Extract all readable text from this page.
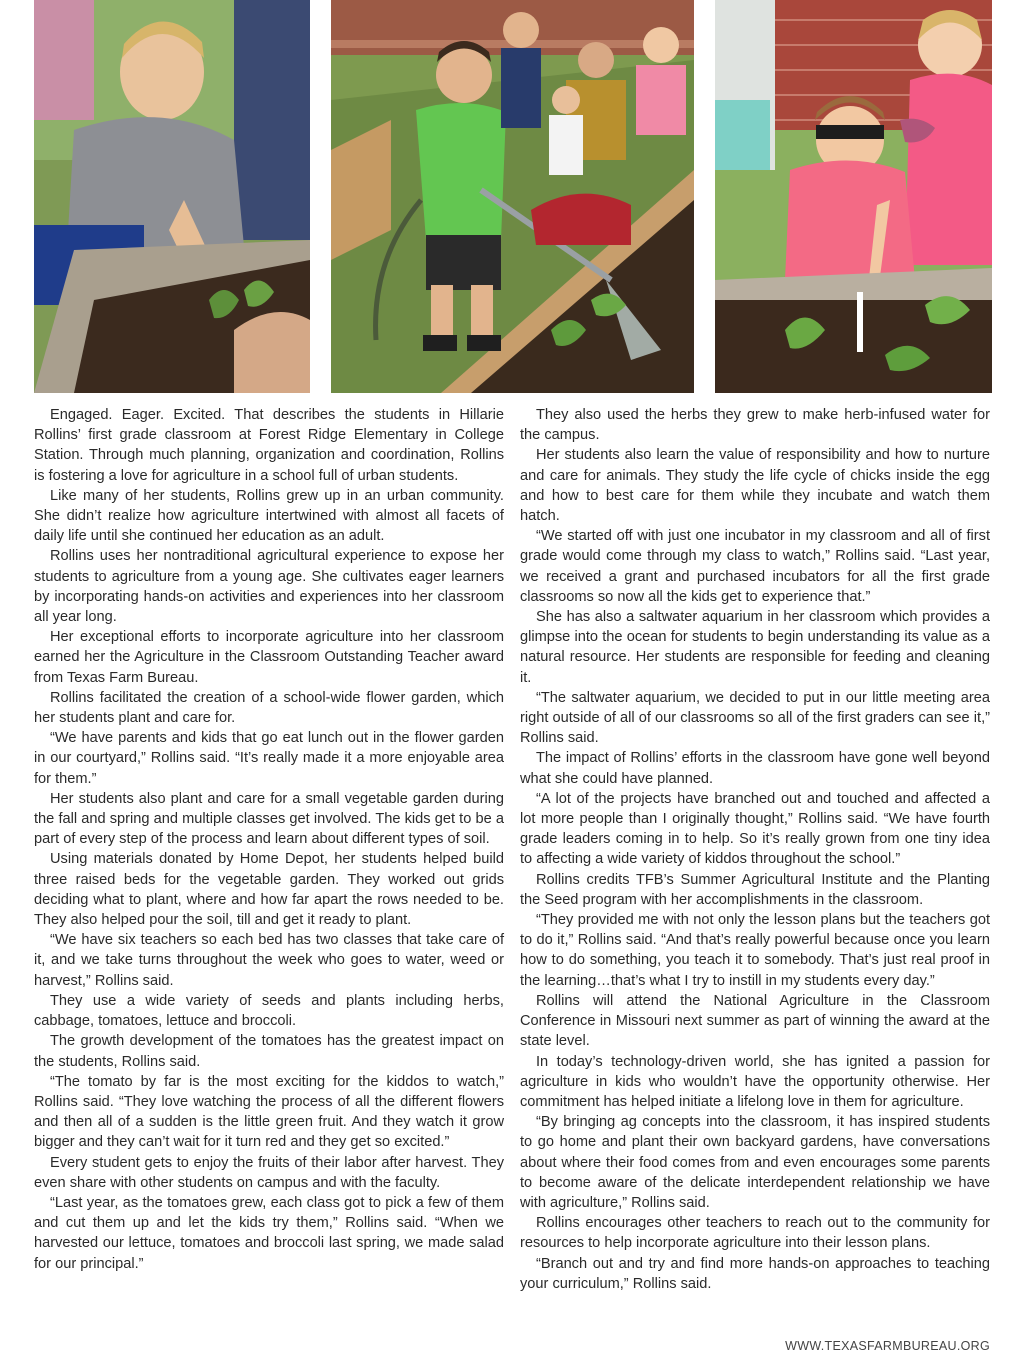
Engaged. Eager. Excited. That describes the students in Hillarie Rollins’ first grade classroom at Forest Ridge Elementary in College Station. Through much planning, organization and coordination, Rollins is fostering a love for agriculture in a school full of urban students.

Like many of her students, Rollins grew up in an urban community. She didn’t realize how agriculture intertwined with almost all facets of daily life until she continued her education as an adult.

Rollins uses her nontraditional agricultural experience to expose her students to agriculture from a young age. She cultivates eager learners by incorporating hands-on activities and experiences into her classroom all year long.

Her exceptional efforts to incorporate agriculture into her classroom earned her the Agriculture in the Classroom Outstanding Teacher award from Texas Farm Bureau.

Rollins facilitated the creation of a school-wide flower garden, which her students plant and care for.

“We have parents and kids that go eat lunch out in the flower garden in our courtyard,” Rollins said. “It’s really made it a more enjoyable area for them.”

Her students also plant and care for a small vegetable garden during the fall and spring and multiple classes get involved. The kids get to be a part of every step of the process and learn about different types of soil.

Using materials donated by Home Depot, her students helped build three raised beds for the vegetable garden. They worked out grids deciding what to plant, where and how far apart the rows needed to be. They also helped pour the soil, till and get it ready to plant.

“We have six teachers so each bed has two classes that take care of it, and we take turns throughout the week who goes to water, weed or harvest,” Rollins said.

They use a wide variety of seeds and plants including herbs, cabbage, tomatoes, lettuce and broccoli.

The growth development of the tomatoes has the greatest impact on the students, Rollins said.

“The tomato by far is the most exciting for the kiddos to watch,” Rollins said. “They love watching the process of all the different flowers and then all of a sudden is the little green fruit. And they watch it grow bigger and they can’t wait for it turn red and they get so excited.”

Every student gets to enjoy the fruits of their labor after harvest. They even share with other students on campus and with the faculty.

“Last year, as the tomatoes grew, each class got to pick a few of them and cut them up and let the kids try them,” Rollins said. “When we harvested our lettuce, tomatoes and broccoli last spring, we made salad for our principal.”

They also used the herbs they grew to make herb-infused water for the campus.

Her students also learn the value of responsibility and how to nurture and care for animals. They study the life cycle of chicks inside the egg and how to best care for them while they incubate and watch them hatch.

“We started off with just one incubator in my classroom and all of first grade would come through my class to watch,” Rollins said. “Last year, we received a grant and purchased incubators for all the first grade classrooms so now all the kids get to experience that.”

She has also a saltwater aquarium in her classroom which provides a glimpse into the ocean for students to begin understanding its value as a natural resource. Her students are responsible for feeding and cleaning it.

“The saltwater aquarium, we decided to put in our little meeting area right outside of all of our classrooms so all of the first graders can see it,” Rollins said.

The impact of Rollins’ efforts in the classroom have gone well beyond what she could have planned.

“A lot of the projects have branched out and touched and affected a lot more people than I originally thought,” Rollins said. “We have fourth grade leaders coming in to help. So it’s really grown from one tiny idea to affecting a wide variety of kiddos throughout the school.”

Rollins credits TFB’s Summer Agricultural Institute and the Planting the Seed program with her accomplishments in the classroom.

“They provided me with not only the lesson plans but the teachers got to do it,” Rollins said. “And that’s really powerful because once you learn how to do something, you teach it to somebody. That’s just real proof in the learning…that’s what I try to instill in my students every day.”

Rollins will attend the National Agriculture in the Classroom Conference in Missouri next summer as part of winning the award at the state level.

In today’s technology-driven world, she has ignited a passion for agriculture in kids who wouldn’t have the opportunity otherwise. Her commitment has helped initiate a lifelong love in them for agriculture.

“By bringing ag concepts into the classroom, it has inspired students to go home and plant their own backyard gardens, have conversations about where their food comes from and even encourages some parents to become aware of the delicate interdependent relationship we have with agriculture,” Rollins said.

Rollins encourages other teachers to reach out to the community for resources to help incorporate agriculture into their lesson plans.

“Branch out and try and find more hands-on approaches to teaching your curriculum,” Rollins said.

WWW.TEXASFARMBUREAU.ORG
